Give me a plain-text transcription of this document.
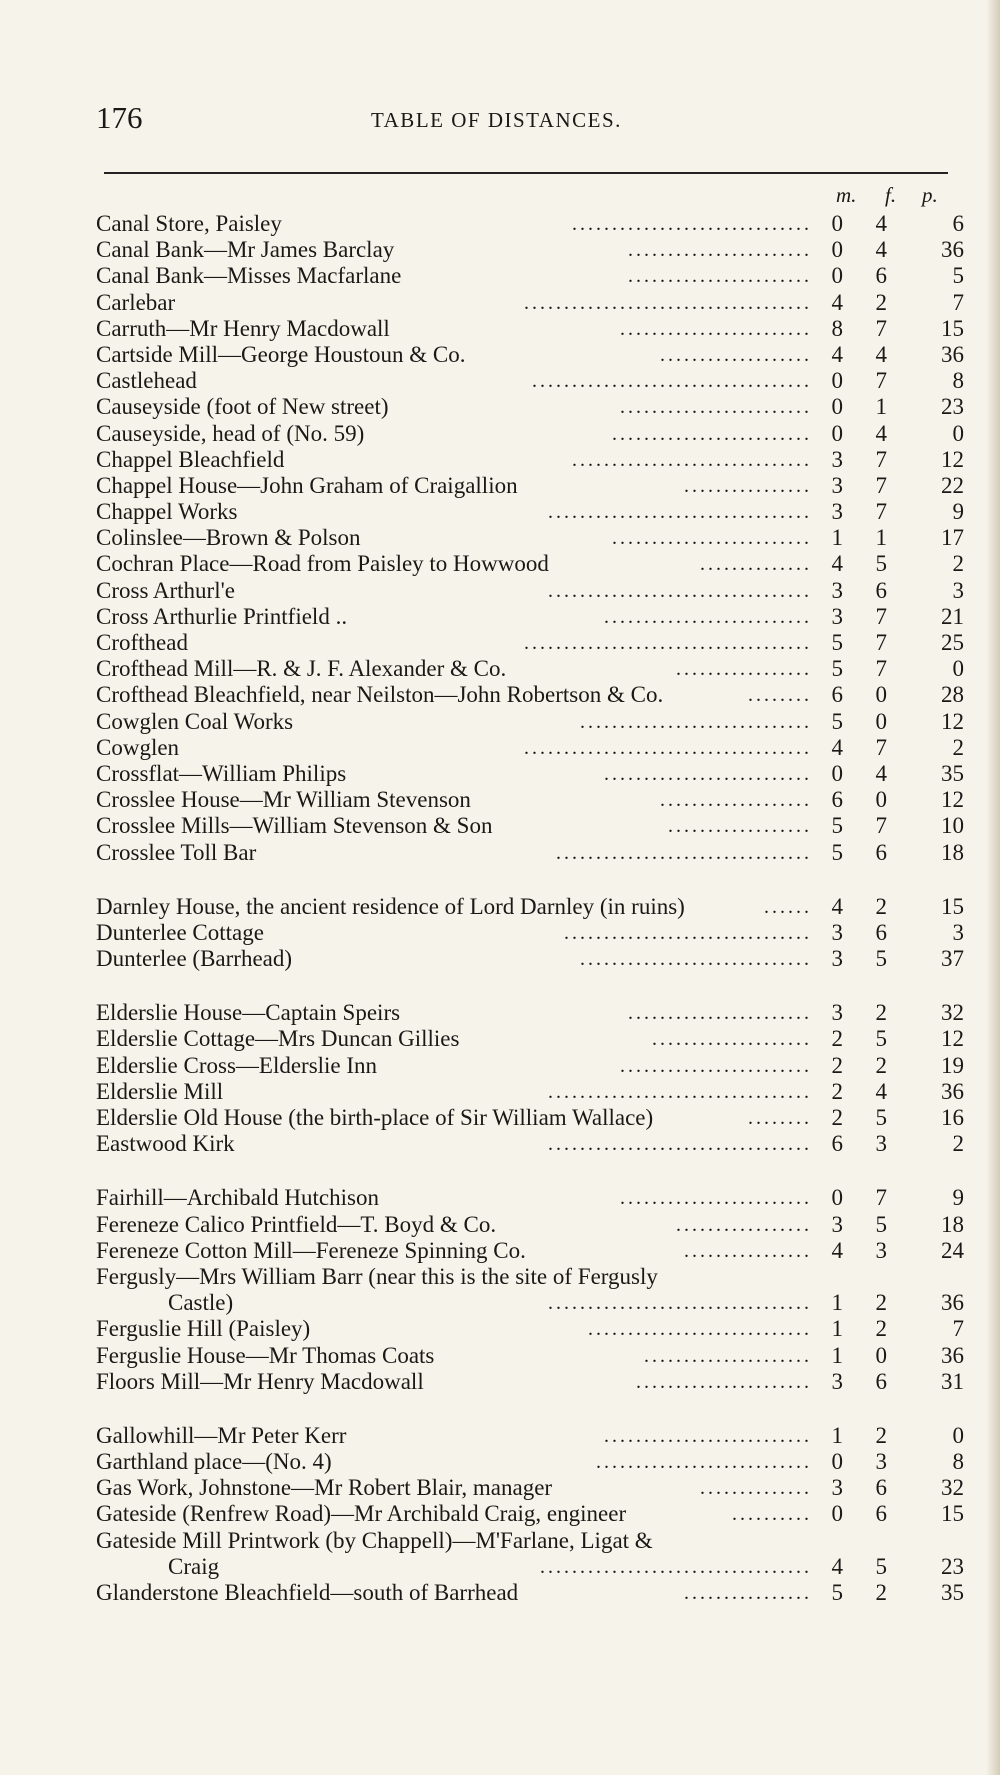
176	TABLE OF DISTANCES.
m. f. p.
Canal Store, Paisley	.............................. 0	4	6
Canal Bank—Mr James Barclay	....................... 0	4	36
Canal Bank—Misses Macfarlane	....................... 0	6	5
Carlebar	.................................... 4	2	7
Carruth—Mr Henry Macdowall	........................ 8	7	15
Cartside Mill—George Houstoun & Co.	................... 4	4	36
Castlehead	................................... 0	7	8
Causeyside (foot of New street)	........................ 0	1	23
Causeyside, head of (No. 59)	......................... 0	4	0
Chappel Bleachfield	.............................. 3	7	12
Chappel House—John Graham of Craigallion	................ 3	7	22
Chappel Works	................................. 3	7	9
Colinslee—Brown & Polson	......................... 1	1	17
Cochran Place—Road from Paisley to Howwood	.............. 4	5	2
Cross Arthurl'e	................................. 3	6	3
Cross Arthurlie Printfield ..	.......................... 3	7	21
Crofthead	.................................... 5	7	25
Crofthead Mill—R. & J. F. Alexander & Co.	................. 5	7	0
Crofthead Bleachfield, near Neilston—John Robertson & Co.	........ 6	0	28
Cowglen Coal Works	............................. 5	0	12
Cowglen	.................................... 4	7	2
Crossflat—William Philips	.......................... 0	4	35
Crosslee House—Mr William Stevenson	................... 6	0	12
Crosslee Mills—William Stevenson & Son	.................. 5	7	10
Crosslee Toll Bar	................................ 5	6	18
Darnley House, the ancient residence of Lord Darnley (in ruins)	...... 4	2	15
Dunterlee Cottage	............................... 3	6	3
Dunterlee (Barrhead)	............................. 3	5	37
Elderslie House—Captain Speirs	....................... 3	2	32
Elderslie Cottage—Mrs Duncan Gillies	.................... 2	5	12
Elderslie Cross—Elderslie Inn	........................ 2	2	19
Elderslie Mill	................................. 2	4	36
Elderslie Old House (the birth-place of Sir William Wallace)	........ 2	5	16
Eastwood Kirk	................................. 6	3	2
Fairhill—Archibald Hutchison	........................ 0	7	9
Fereneze Calico Printfield—T. Boyd & Co.	................. 3	5	18
Fereneze Cotton Mill—Fereneze Spinning Co.	................ 4	3	24
Fergusly—Mrs William Barr (near this is the site of Fergusly
Castle)	................................. 1	2	36
Ferguslie Hill (Paisley)	............................ 1	2	7
Ferguslie House—Mr Thomas Coats	..................... 1	0	36
Floors Mill—Mr Henry Macdowall	...................... 3	6	31
Gallowhill—Mr Peter Kerr	.......................... 1	2	0
Garthland place—(No. 4)	........................... 0	3	8
Gas Work, Johnstone—Mr Robert Blair, manager	.............. 3	6	32
Gateside (Renfrew Road)—Mr Archibald Craig, engineer	.......... 0	6	15
Gateside Mill Printwork (by Chappell)—M'Farlane, Ligat &
Craig	.................................. 4	5	23
Glanderstone Bleachfield—south of Barrhead	................ 5	2	35
